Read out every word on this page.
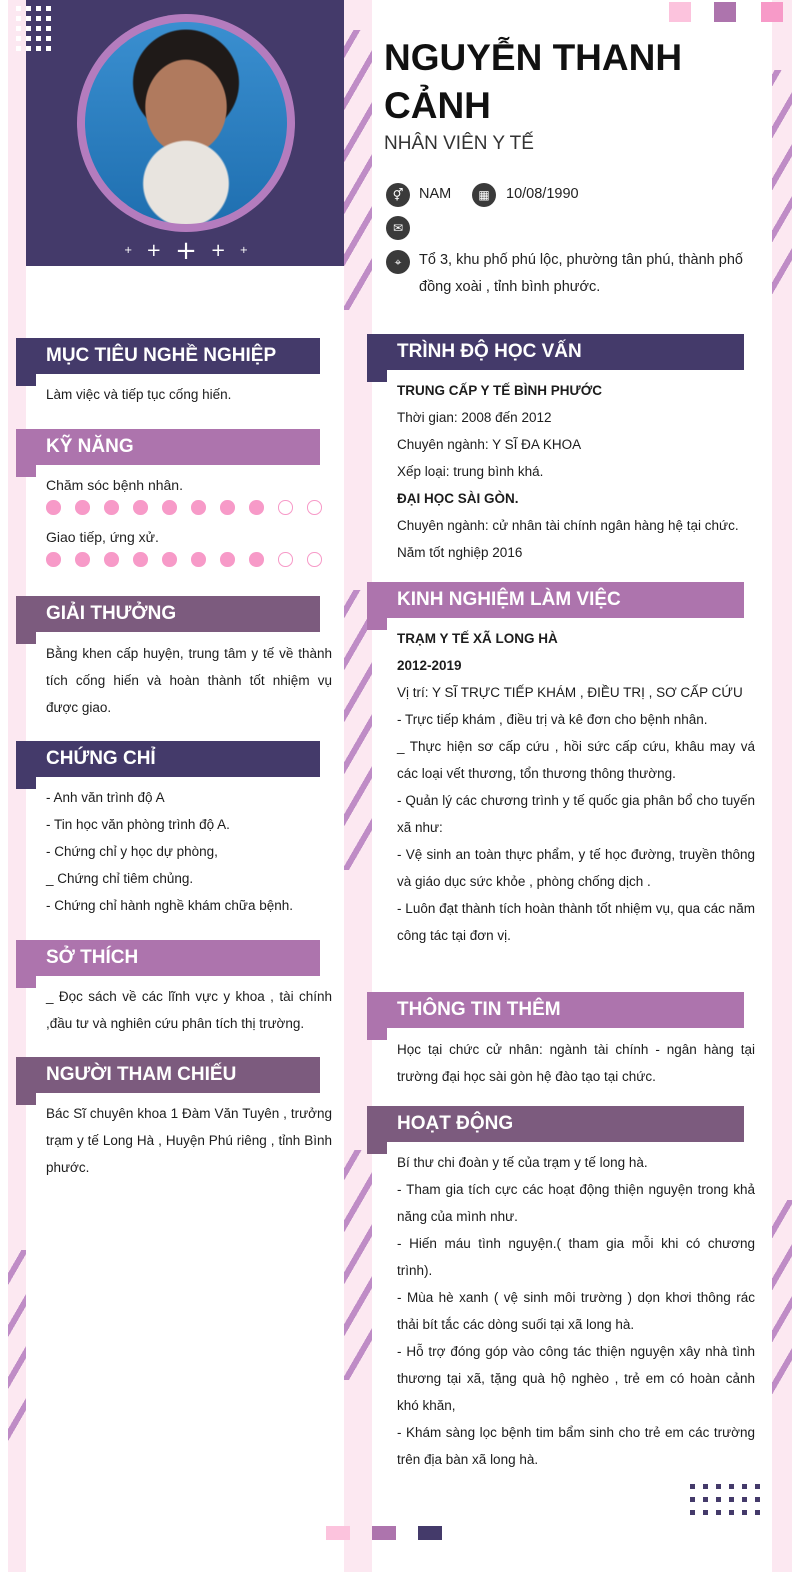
+ + + + +
NGUYỄN THANH CẢNH
NHÂN VIÊN Y TẾ
⚥	NAM	▦	10/08/1990
✉
⌖	Tổ 3, khu phố phú lộc, phường tân phú, thành phố đồng xoài , tỉnh bình phước.
MỤC TIÊU NGHỀ NGHIỆP
Làm việc và tiếp tục cống hiến.
KỸ NĂNG
Chăm sóc bệnh nhân.
Giao tiếp, ứng xử.
GIẢI THƯỞNG

Bằng khen cấp huyện, trung tâm y tế về thành tích cống hiến và hoàn thành tốt nhiệm vụ được giao.

CHỨNG CHỈ
- Anh văn trình độ A
- Tin học văn phòng trình độ A.
- Chứng chỉ y học dự phòng,
_ Chứng chỉ tiêm chủng.
- Chứng chỉ hành nghề khám chữa bệnh.
SỞ THÍCH

_ Đọc sách về các lĩnh vực y khoa , tài chính ,đầu tư và nghiên cứu phân tích thị trường.

NGƯỜI THAM CHIẾU

Bác Sĩ chuyên khoa 1 Đàm Văn Tuyên , trưởng trạm y tế Long Hà , Huyện Phú riêng , tỉnh Bình phước.

TRÌNH ĐỘ HỌC VẤN
TRUNG CẤP Y TẾ BÌNH PHƯỚC
Thời gian: 2008 đến 2012
Chuyên ngành: Y SĨ ĐA KHOA
Xếp loại: trung bình khá.
ĐẠI HỌC SÀI GÒN.
Chuyên ngành: cử nhân tài chính ngân hàng hệ tại chức.
Năm tốt nghiệp 2016
KINH NGHIỆM LÀM VIỆC
TRẠM Y TẾ XÃ LONG HÀ
2012-2019

Vị trí: Y SĨ TRỰC TIẾP KHÁM , ĐIỀU TRỊ , SƠ CẤP CỨU

- Trực tiếp khám , điều trị và kê đơn cho bệnh nhân.

_ Thực hiện sơ cấp cứu , hồi sức cấp cứu, khâu may vá các loại vết thương, tổn thương thông thường.

- Quản lý các chương trình y tế quốc gia phân bổ cho tuyến xã như:

- Vệ sinh an toàn thực phẩm, y tế học đường, truyền thông và giáo dục sức khỏe , phòng chống dịch .

- Luôn đạt thành tích hoàn thành tốt nhiệm vụ, qua các năm công tác tại đơn vị.

THÔNG TIN THÊM

Học tại chức cử nhân: ngành tài chính - ngân hàng tại trường đại học sài gòn hệ đào tạo tại chức.

HOẠT ĐỘNG

Bí thư chi đoàn y tế của trạm y tế long hà.

- Tham gia tích cực các hoạt động thiện nguyện trong khả năng của mình như.

- Hiến máu tình nguyện.( tham gia mỗi khi có chương trình).

- Mùa hè xanh ( vệ sinh môi trường ) dọn khơi thông rác thải bít tắc các dòng suối tại xã long hà.

- Hỗ trợ đóng góp vào công tác thiện nguyện xây nhà tình thương tại xã, tặng quà hộ nghèo , trẻ em có hoàn cảnh khó khăn,

- Khám sàng lọc bệnh tim bẩm sinh cho trẻ em các trường trên địa bàn xã long hà.
